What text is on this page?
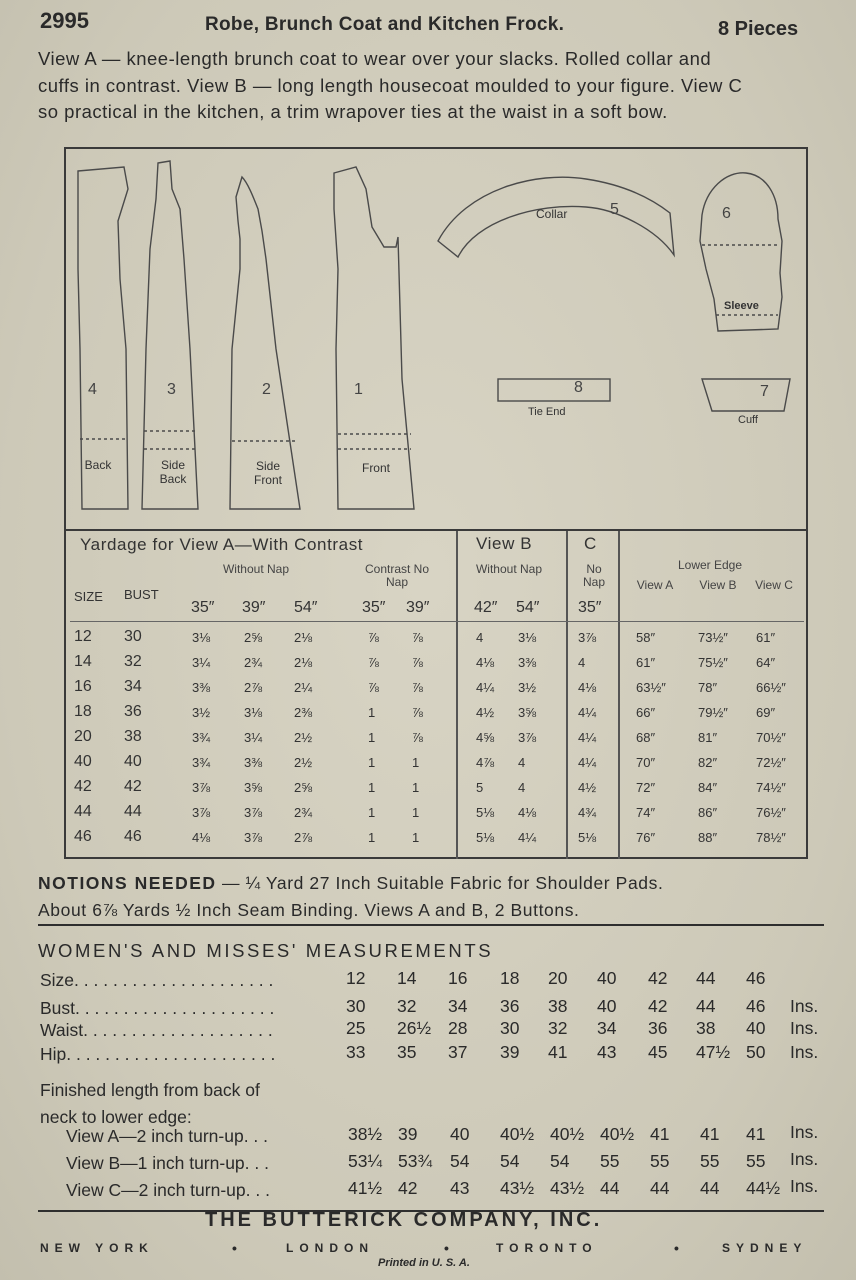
2995	Robe, Brunch Coat and Kitchen Frock.	8 Pieces
View A — knee-length brunch coat to wear over your slacks. Rolled collar and
cuffs in contrast. View B — long length housecoat moulded to your figure. View C
so practical in the kitchen, a trim wrapover ties at the waist in a soft bow.
4
Back
3
Side Back
2
Side Front
1
Front
Collar	5	6
Sleeve
8
Tie End
7
Cuff
Yardage for View A—With Contrast	View B	C
SIZE BUST
Without Nap	Contrast No Nap
Without Nap	No Nap
Lower Edge
View A	View B View C
35″ 39″ 54″	35″ 39″	42″ 54″ 35″
12 30	3⅛	2⅝ 2⅛	⅞	⅞	4	3⅛	3⅞	58″	73½″ 61″
14 32	3¼	2¾ 2⅛	⅞	⅞	4⅛ 3⅜	4	61″	75½″ 64″
16 34	3⅜	2⅞ 2¼	⅞	⅞	4¼ 3½	4⅛	63½″ 78″	66½″
18 36	3½	3⅛ 2⅜	1	⅞	4½ 3⅝	4¼	66″	79½″ 69″
20 38	3¾	3¼ 2½	1	⅞	4⅝ 3⅞	4¼	68″	81″	70½″
40 40	3¾	3⅜ 2½	1	1	4⅞ 4	4¼	70″	82″	72½″
42 42	3⅞	3⅝ 2⅝	1	1	5	4	4½	72″	84″	74½″
44 44	3⅞	3⅞ 2¾	1	1	5⅛ 4⅛	4¾	74″	86″	76½″
46 46	4⅛	3⅞ 2⅞	1	1	5⅛ 4¼	5⅛	76″	88″	78½″
NOTIONS NEEDED — ¼ Yard 27 Inch Suitable Fabric for Shoulder Pads.
About 6⅞ Yards ½ Inch Seam Binding. Views A and B, 2 Buttons.
WOMEN'S AND MISSES' MEASUREMENTS
Size. . . . . . . . . . . . . . . . . . . . .	12 14 16 18 20 40 42 44 46
Bust. . . . . . . . . . . . . . . . . . . . .	30 32 34 36 38 40 42 44 46 Ins.
Waist. . . . . . . . . . . . . . . . . . . .	25 26½ 28 30 32 34 36 38 40 Ins.
Hip. . . . . . . . . . . . . . . . . . . . . .	33 35 37 39 41 43 45 47½ 50 Ins.
View A—2 inch turn-up. . .	38½ 39 40 40½ 40½ 40½ 41 41 41 Ins.
View B—1 inch turn-up. . .	53¼ 53¾ 54 54 54 55 55 55 55 Ins.
View C—2 inch turn-up. . .	41½ 42 43 43½ 43½ 44 44 44 44½ Ins.
Finished length from back of
neck to lower edge:
THE BUTTERICK COMPANY, INC.
NEW YORK	•	LONDON	•	TORONTO	•	SYDNEY
Printed in U. S. A.
